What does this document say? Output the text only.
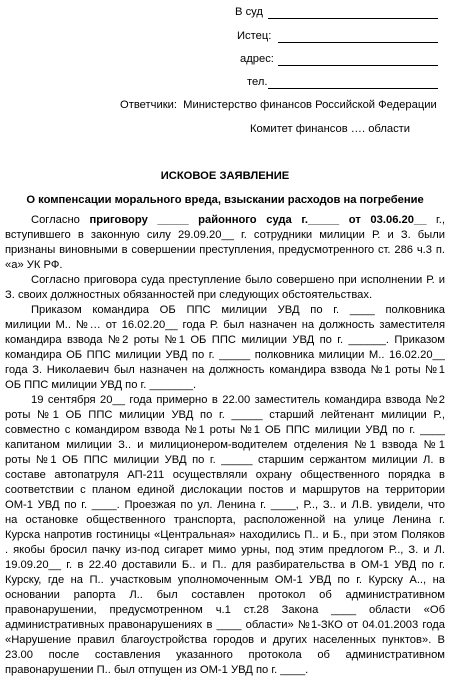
В суд
Истец:
адрес:
тел.
Ответчики: Министерство финансов Российской Федерации
Комитет финансов …. области
ИСКОВОЕ ЗАЯВЛЕНИЕ
О компенсации морального вреда, взыскании расходов на погребение
Согласно приговору _____ районного суда г._____ от 03.06.20__ г.,
вступившего в законную силу 29.09.20__ г. сотрудники милиции Р. и З. были
признаны виновными в совершении преступления, предусмотренного ст. 286 ч.3 п.
«а» УК РФ.
Согласно приговора суда преступление было совершено при исполнении Р. и
З. своих должностных обязанностей при следующих обстоятельствах.
Приказом командира ОБ ППС милиции УВД по г. ____ полковника
милиции М.. №… от 16.02.20__ года Р. был назначен на должность заместителя
командира взвода №2 роты №1 ОБ ППС милиции УВД по г. ______. Приказом
командира ОБ ППС милиции УВД по г. _____ полковника милиции М.. 16.02.20__
года З. Николаевич был назначен на должность командира взвода №1 роты №1
ОБ ППС милиции УВД по г. _______.
19 сентября 20__ года примерно в 22.00 заместитель командира взвода №2
роты №1 ОБ ППС милиции УВД по г. _____ старший лейтенант милиции Р.,
совместно с командиром взвода №1 роты №1 ОБ ППС милиции УВД по г. ____
капитаном милиции З.. и милиционером-водителем отделения №1 взвода №1
роты №1 ОБ ППС милиции УВД по г. _____ старшим сержантом милиции Л. в
составе автопатруля АП-211 осуществляли охрану общественного порядка в
соответствии с планом единой дислокации постов и маршрутов на территории
ОМ-1 УВД по г. ____. Проезжая по ул. Ленина г. ____, Р.., З.. и Л.В. увидели, что
на остановке общественного транспорта, расположенной на улице Ленина г.
Курска напротив гостиницы «Центральная» находились П.. и Б., при этом Поляков
. якобы бросил пачку из-под сигарет мимо урны, под этим предлогом Р.., З. и Л.
19.09.20__ г. в 22.40 доставили Б.. и П.. для разбирательства в ОМ-1 УВД по г.
Курску, где на П.. участковым уполномоченным ОМ-1 УВД по г. Курску А.., на
основании рапорта Л.. был составлен протокол об административном
правонарушении, предусмотренном ч.1 ст.28 Закона ____ области «Об
административных правонарушениях в ____ области» №1-ЗКО от 04.01.2003 года
«Нарушение правил благоустройства городов и других населенных пунктов». В
23.00 после составления указанного протокола об административном
правонарушении П.. был отпущен из ОМ-1 УВД по г. ____.
